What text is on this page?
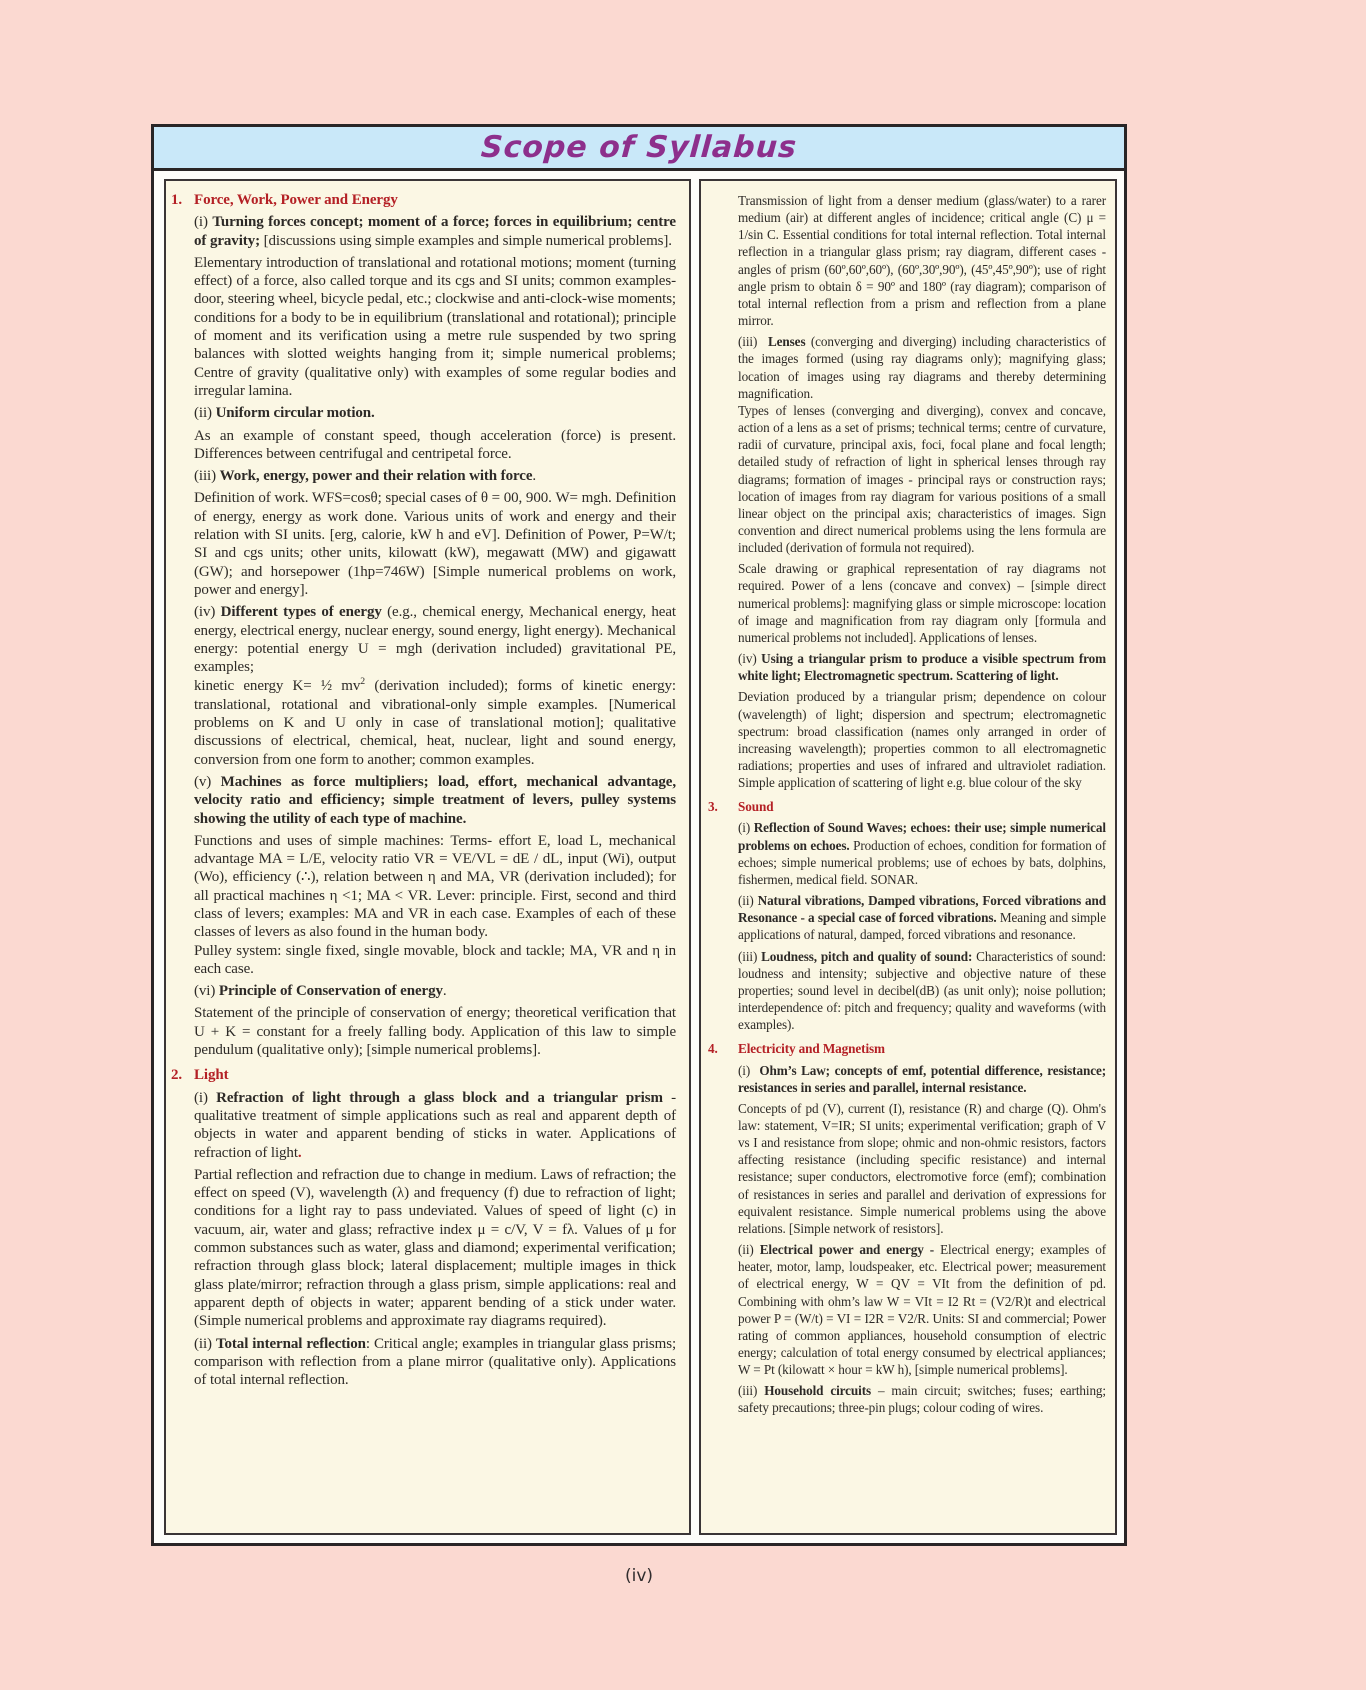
Scope of Syllabus
1. Force, Work, Power and Energy

(i) Turning forces concept; moment of a force; forces in equilibrium; centre of gravity; [discussions using simple examples and simple numerical problems].

Elementary introduction of translational and rotational motions; moment (turning effect) of a force, also called torque and its cgs and SI units; common examples- door, steering wheel, bicycle pedal, etc.; clockwise and anti-clock-wise moments; conditions for a body to be in equilibrium (translational and rotational); principle of moment and its verification using a metre rule suspended by two spring balances with slotted weights hanging from it; simple numerical problems; Centre of gravity (qualitative only) with examples of some regular bodies and irregular lamina.

(ii) Uniform circular motion.

As an example of constant speed, though acceleration (force) is present. Differences between centrifugal and centripetal force.

(iii) Work, energy, power and their relation with force.

Definition of work. WFS=cosθ; special cases of θ = 00, 900. W= mgh. Definition of energy, energy as work done. Various units of work and energy and their relation with SI units. [erg, calorie, kW h and eV]. Definition of Power, P=W/t; SI and cgs units; other units, kilowatt (kW), megawatt (MW) and gigawatt (GW); and horsepower (1hp=746W) [Simple numerical problems on work, power and energy].

(iv) Different types of energy (e.g., chemical energy, Mechanical energy, heat energy, electrical energy, nuclear energy, sound energy, light energy). Mechanical energy: potential energy U = mgh (derivation included) gravitational PE, examples;
kinetic energy K= ½ $mv^2$ (derivation included); forms of kinetic energy: translational, rotational and vibrational-only simple examples. [Numerical problems on K and U only in case of translational motion]; qualitative discussions of electrical, chemical, heat, nuclear, light and sound energy, conversion from one form to another; common examples.

(v) Machines as force multipliers; load, effort, mechanical advantage, velocity ratio and efficiency; simple treatment of levers, pulley systems showing the utility of each type of machine.

Functions and uses of simple machines: Terms- effort E, load L, mechanical advantage MA = L/E, velocity ratio VR = VE/VL = dE / dL, input (Wi), output (Wo), efficiency (∴), relation between η and MA, VR (derivation included); for all practical machines η <1; MA < VR. Lever: principle. First, second and third class of levers; examples: MA and VR in each case. Examples of each of these classes of levers as also found in the human body.
Pulley system: single fixed, single movable, block and tackle; MA, VR and η in each case.

(vi) Principle of Conservation of energy.

Statement of the principle of conservation of energy; theoretical verification that U + K = constant for a freely falling body. Application of this law to simple pendulum (qualitative only); [simple numerical problems].

2. Light

(i) Refraction of light through a glass block and a triangular prism - qualitative treatment of simple applications such as real and apparent depth of objects in water and apparent bending of sticks in water. Applications of refraction of light.

Partial reflection and refraction due to change in medium. Laws of refraction; the effect on speed (V), wavelength (λ) and frequency (f) due to refraction of light; conditions for a light ray to pass undeviated. Values of speed of light (c) in vacuum, air, water and glass; refractive index μ = c/V, V = fλ. Values of μ for common substances such as water, glass and diamond; experimental verification; refraction through glass block; lateral displacement; multiple images in thick glass plate/mirror; refraction through a glass prism, simple applications: real and apparent depth of objects in water; apparent bending of a stick under water. (Simple numerical problems and approximate ray diagrams required).

(ii) Total internal reflection: Critical angle; examples in triangular glass prisms; comparison with reflection from a plane mirror (qualitative only). Applications of total internal reflection.

Transmission of light from a denser medium (glass/water) to a rarer medium (air) at different angles of incidence; critical angle (C) μ = 1/sin C. Essential conditions for total internal reflection. Total internal reflection in a triangular glass prism; ray diagram, different cases - angles of prism (60º,60º,60º), (60º,30º,90º), (45º,45º,90º); use of right angle prism to obtain δ = 90º and 180º (ray diagram); comparison of total internal reflection from a prism and reflection from a plane mirror.

(iii)  Lenses (converging and diverging) including characteristics of the images formed (using ray diagrams only); magnifying glass; location of images using ray diagrams and thereby determining magnification.
Types of lenses (converging and diverging), convex and concave, action of a lens as a set of prisms; technical terms; centre of curvature, radii of curvature, principal axis, foci, focal plane and focal length; detailed study of refraction of light in spherical lenses through ray diagrams; formation of images - principal rays or construction rays; location of images from ray diagram for various positions of a small linear object on the principal axis; characteristics of images. Sign convention and direct numerical problems using the lens formula are included (derivation of formula not required).

Scale drawing or graphical representation of ray diagrams not required. Power of a lens (concave and convex) – [simple direct numerical problems]: magnifying glass or simple microscope: location of image and magnification from ray diagram only [formula and numerical problems not included]. Applications of lenses.

(iv) Using a triangular prism to produce a visible spectrum from white light; Electromagnetic spectrum. Scattering of light.

Deviation produced by a triangular prism; dependence on colour (wavelength) of light; dispersion and spectrum; electromagnetic spectrum: broad classification (names only arranged in order of increasing wavelength); properties common to all electromagnetic radiations; properties and uses of infrared and ultraviolet radiation. Simple application of scattering of light e.g. blue colour of the sky

3.	Sound

(i) Reflection of Sound Waves; echoes: their use; simple numerical problems on echoes. Production of echoes, condition for formation of echoes; simple numerical problems; use of echoes by bats, dolphins, fishermen, medical field. SONAR.

(ii) Natural vibrations, Damped vibrations, Forced vibrations and Resonance - a special case of forced vibrations. Meaning and simple applications of natural, damped, forced vibrations and resonance.

(iii) Loudness, pitch and quality of sound: Characteristics of sound: loudness and intensity; subjective and objective nature of these properties; sound level in decibel(dB) (as unit only); noise pollution; interdependence of: pitch and frequency; quality and waveforms (with examples).

4.	Electricity and Magnetism

(i)  Ohm’s Law; concepts of emf, potential difference, resistance; resistances in series and parallel, internal resistance.

Concepts of pd (V), current (I), resistance (R) and charge (Q). Ohm's law: statement, V=IR; SI units; experimental verification; graph of V vs I and resistance from slope; ohmic and non-ohmic resistors, factors affecting resistance (including specific resistance) and internal resistance; super conductors, electromotive force (emf); combination of resistances in series and parallel and derivation of expressions for equivalent resistance. Simple numerical problems using the above relations. [Simple network of resistors].

(ii) Electrical power and energy - Electrical energy; examples of heater, motor, lamp, loudspeaker, etc. Electrical power; measurement of electrical energy, W = QV = VIt from the definition of pd. Combining with ohm’s law W = VIt = I2 Rt = (V2/R)t and electrical power P = (W/t) = VI = I2R = V2/R. Units: SI and commercial; Power rating of common appliances, household consumption of electric energy; calculation of total energy consumed by electrical appliances; W = Pt (kilowatt × hour = kW h), [simple numerical problems].

(iii) Household circuits – main circuit; switches; fuses; earthing; safety precautions; three-pin plugs; colour coding of wires.

(iv)
